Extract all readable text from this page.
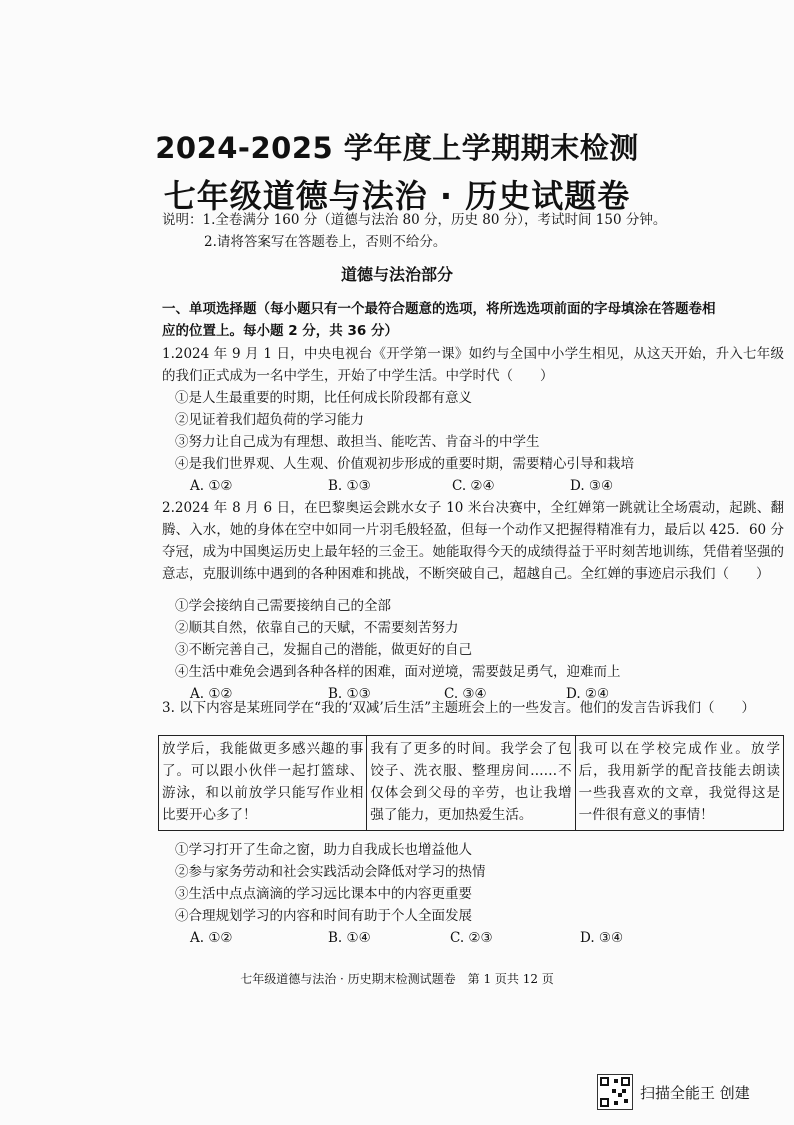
2024-2025 学年度上学期期末检测
七年级道德与法治 · 历史试题卷
说明：1.全卷满分 160 分（道德与法治 80 分，历史 80 分），考试时间 150 分钟。
2.请将答案写在答题卷上，否则不给分。
道德与法治部分
一、单项选择题（每小题只有一个最符合题意的选项，将所选选项前面的字母填涂在答题卷相
应的位置上。每小题 2 分，共 36 分）
1.2024 年 9 月 1 日，中央电视台《开学第一课》如约与全国中小学生相见，从这天开始，升入七年级的我们正式成为一名中学生，开始了中学生活。中学时代（　　）
①是人生最重要的时期，比任何成长阶段都有意义
②见证着我们超负荷的学习能力
③努力让自己成为有理想、敢担当、能吃苦、肯奋斗的中学生
④是我们世界观、人生观、价值观初步形成的重要时期，需要精心引导和栽培
A. ①②	B. ①③	C. ②④	D. ③④
2.2024 年 8 月 6 日，在巴黎奥运会跳水女子 10 米台决赛中，全红婵第一跳就让全场震动，起跳、翻腾、入水，她的身体在空中如同一片羽毛般轻盈，但每一个动作又把握得精准有力，最后以 425．60 分夺冠，成为中国奥运历史上最年轻的三金王。她能取得今天的成绩得益于平时刻苦地训练，凭借着坚强的意志，克服训练中遇到的各种困难和挑战，不断突破自己，超越自己。全红婵的事迹启示我们（　　）
①学会接纳自己需要接纳自己的全部
②顺其自然，依靠自己的天赋，不需要刻苦努力
③不断完善自己，发掘自己的潜能，做更好的自己
④生活中难免会遇到各种各样的困难，面对逆境，需要鼓足勇气，迎难而上
A. ①②	B. ①③	C. ③④	D. ②④
3. 以下内容是某班同学在“我的‘双减’后生活”主题班会上的一些发言。他们的发言告诉我们（　　）
放学后，我能做更多感兴趣的事了。可以跟小伙伴一起打篮球、游泳，和以前放学只能写作业相比要开心多了！	我有了更多的时间。我学会了包饺子、洗衣服、整理房间……不仅体会到父母的辛劳，也让我增强了能力，更加热爱生活。	我可以在学校完成作业。放学后，我用新学的配音技能去朗读一些我喜欢的文章，我觉得这是一件很有意义的事情！
①学习打开了生命之窗，助力自我成长也增益他人
②参与家务劳动和社会实践活动会降低对学习的热情
③生活中点点滴滴的学习远比课本中的内容更重要
④合理规划学习的内容和时间有助于个人全面发展
A. ①②	B. ①④	C. ②③	D. ③④
七年级道德与法治 · 历史期末检测试题卷　第 1 页共 12 页
扫描全能王 创建
